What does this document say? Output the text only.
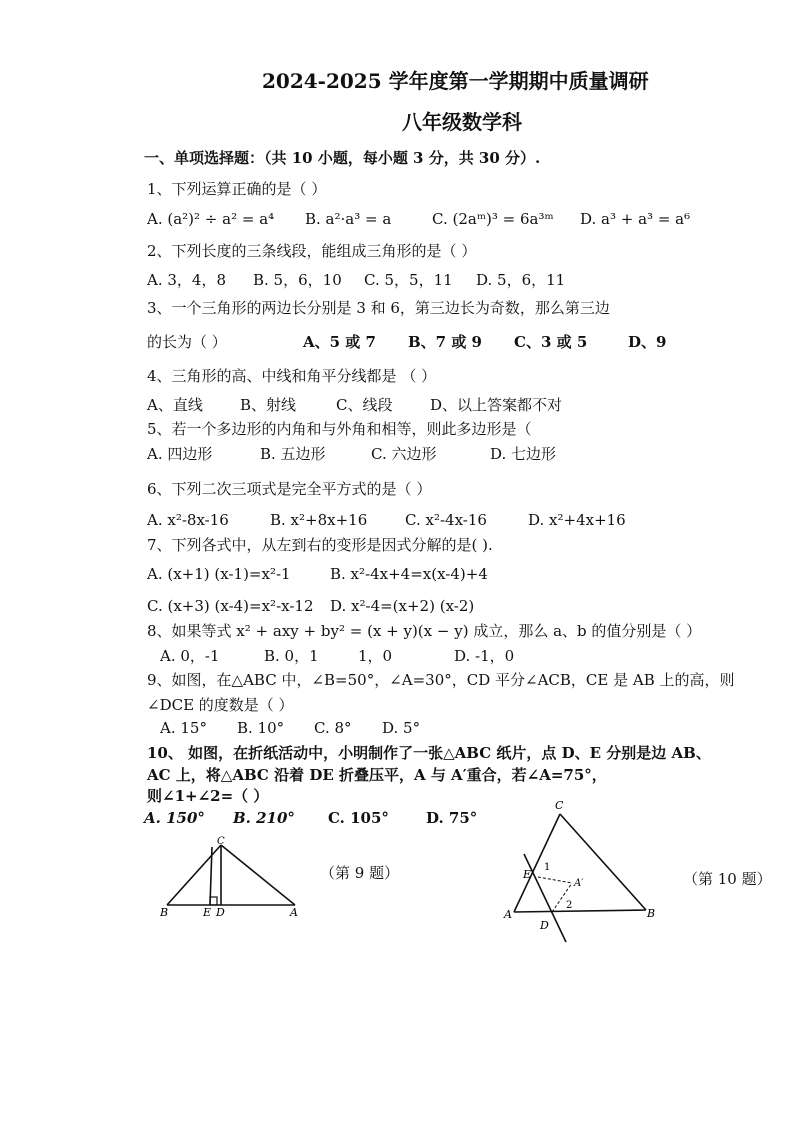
2024-2025 学年度第一学期期中质量调研
八年级数学科
一、单项选择题：（共 10 小题，每小题 3 分，共 30 分）.
1、下列运算正确的是（ ）
A. (a²)² ÷ a² = a⁴ B. a²·a³ = a	C. (2aᵐ)³ = 6a³ᵐ D. a³ + a³ = a⁶
2、下列长度的三条线段，能组成三角形的是（ ）
A. 3，4，8 B. 5，6，10 C. 5，5，11 D. 5，6，11
3、一个三角形的两边长分别是 3 和 6，第三边长为奇数，那么第三边
的长为（ ）	A、5 或 7 B、7 或 9 C、3 或 5	D、9
4、三角形的高、中线和角平分线都是 （ ）
A、直线 B、射线	C、线段	D、以上答案都不对
5、若一个多边形的内角和与外角和相等，则此多边形是（
A. 四边形	B. 五边形	C. 六边形	D. 七边形
6、下列二次三项式是完全平方式的是（ ）
A. x²-8x-16	B. x²+8x+16	C. x²-4x-16	D. x²+4x+16
7、下列各式中，从左到右的变形是因式分解的是( ).
A. (x+1) (x-1)=x²-1	B. x²-4x+4=x(x-4)+4
C. (x+3) (x-4)=x²-x-12 D. x²-4=(x+2) (x-2)
8、如果等式 x² + axy + by² = (x + y)(x − y) 成立，那么 a、b 的值分别是（ ）
A. 0，-1	B. 0，1	1，0	D. -1，0
9、如图，在△ABC 中，∠B=50°，∠A=30°，CD 平分∠ACB，CE 是 AB 上的高，则
∠DCE 的度数是（ ）
A. 15° B. 10° C. 8° D. 5°
10、 如图，在折纸活动中，小明制作了一张△ABC 纸片，点 D、E 分别是边 AB、
AC 上，将△ABC 沿着 DE 折叠压平，A 与 A′重合，若∠A=75°，
则∠1+∠2=（ ）
A. 150° B. 210° C. 105° D. 75°
C
B	E D	A
（第 9 题）
C
E
A
D
B
A′
1
2
（第 10 题）
